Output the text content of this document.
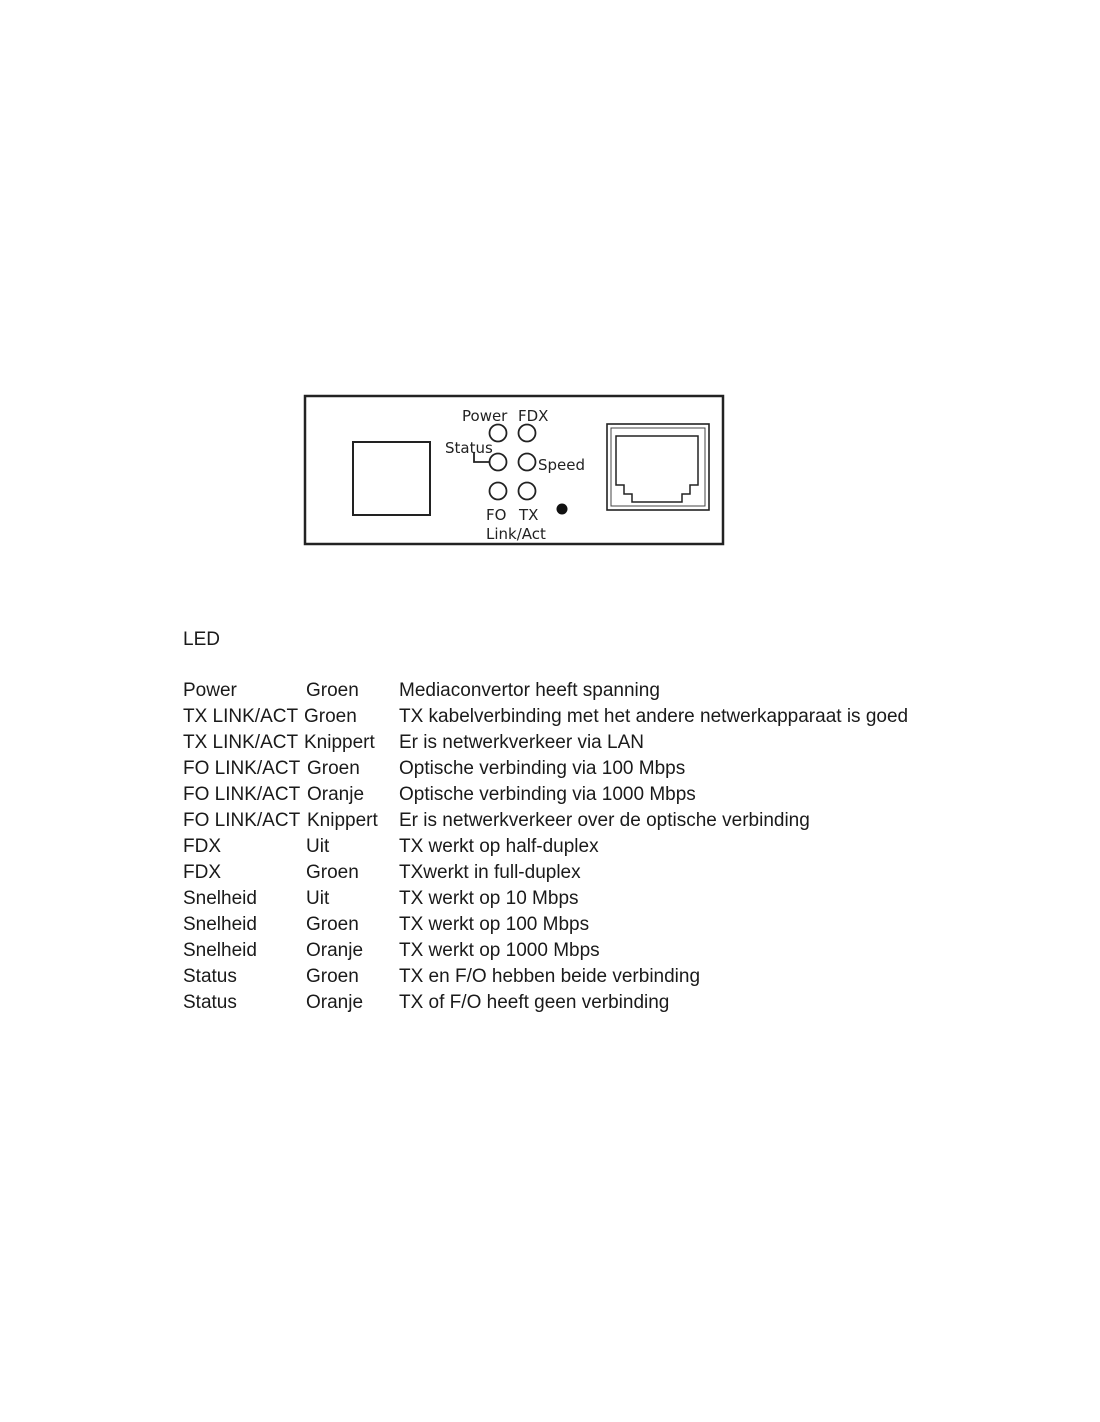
Power FDX
Status
Speed
FO TX
Link/Act
LED
Power	Groen Mediaconvertor heeft spanning
TX LINK/ACT Groen TX kabelverbinding met het andere netwerkapparaat is goed
TX LINK/ACT Knippert Er is netwerkverkeer via LAN
FO LINK/ACT Groen Optische verbinding via 100 Mbps
FO LINK/ACT Oranje Optische verbinding via 1000 Mbps
FO LINK/ACT Knippert Er is netwerkverkeer over de optische verbinding
FDX	Uit	TX werkt op half-duplex
FDX	Groen TXwerkt in full-duplex
Snelheid	Uit	TX werkt op 10 Mbps
Snelheid	Groen TX werkt op 100 Mbps
Snelheid	Oranje TX werkt op 1000 Mbps
Status	Groen TX en F/O hebben beide verbinding
Status	Oranje TX of F/O heeft geen verbinding
